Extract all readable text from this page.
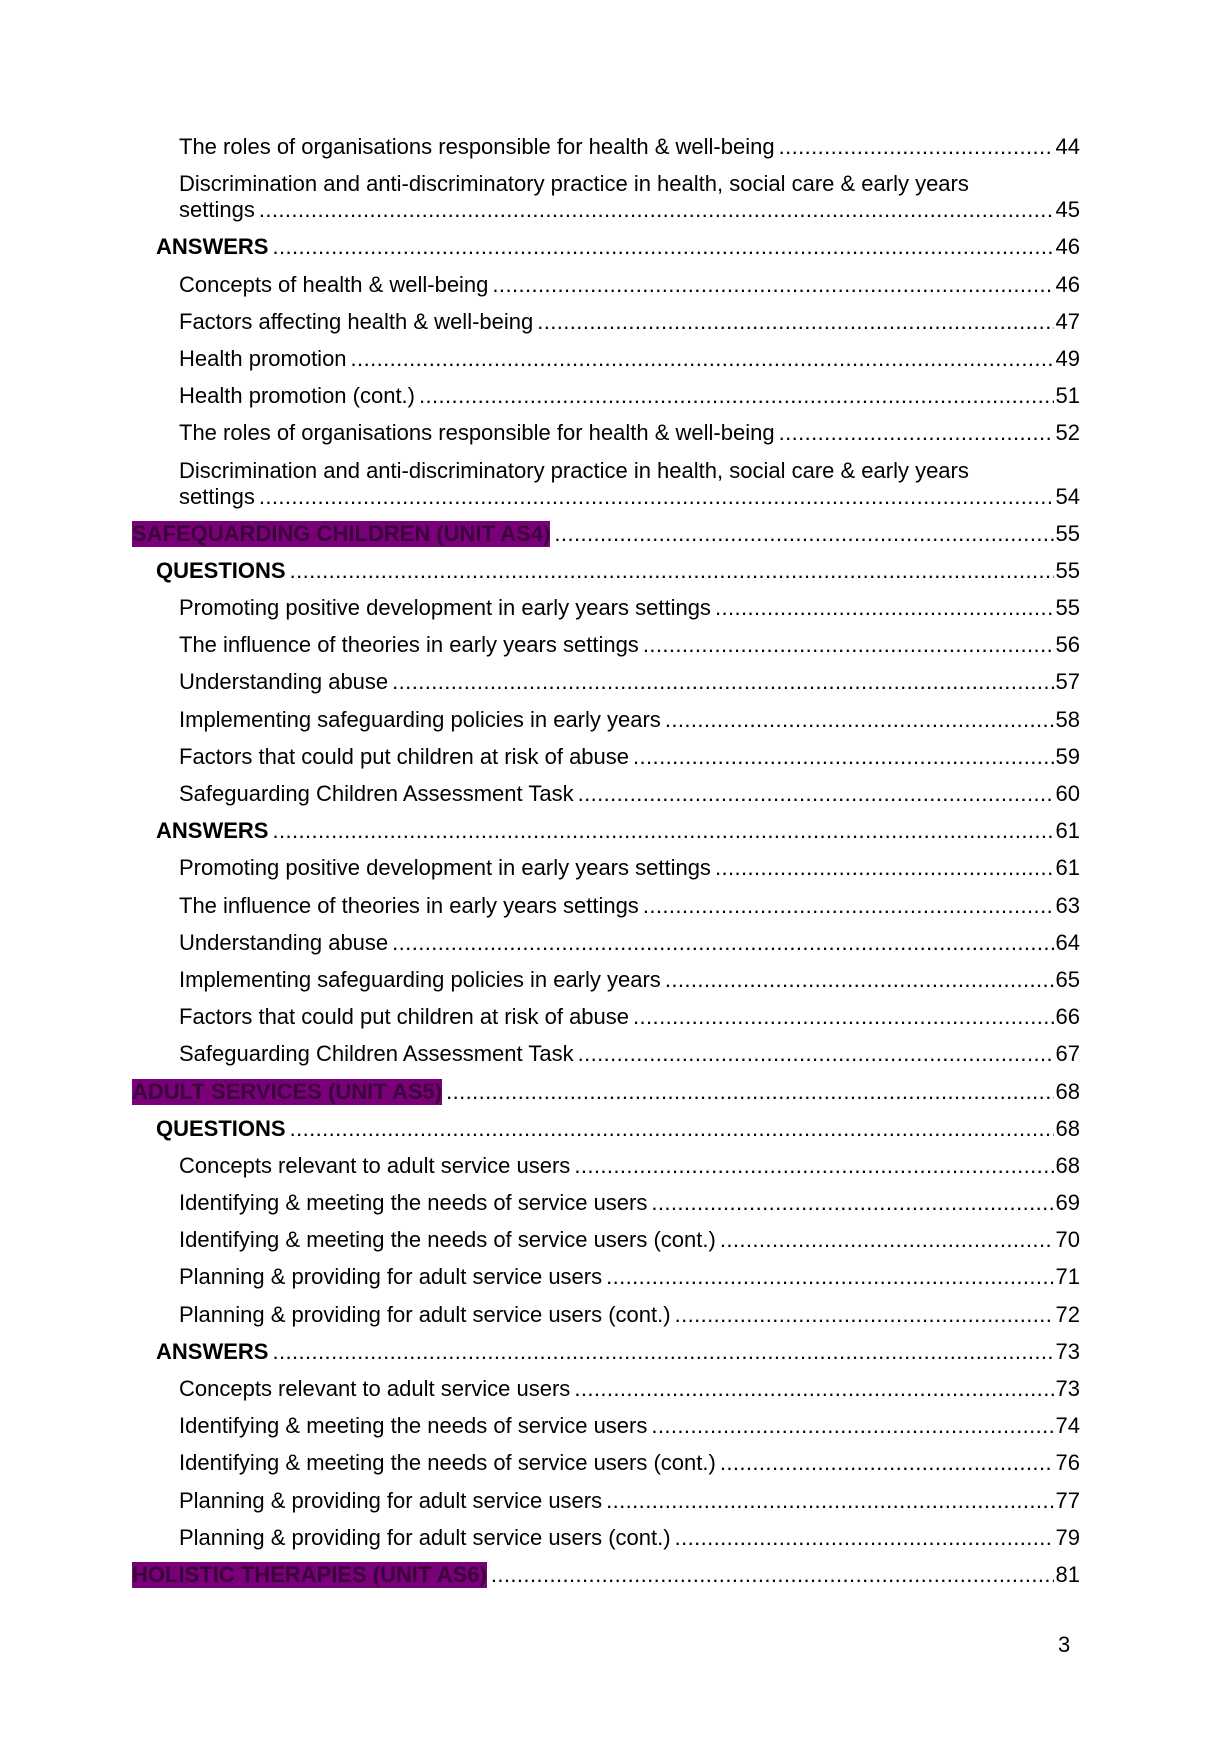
The roles of organisations responsible for health & well-being .....	44
Discrimination and anti-discriminatory practice in health, social care & early years
settings .....	45
ANSWERS .....	46
Concepts of health & well-being .....	46
Factors affecting health & well-being .....	47
Health promotion .....	49
Health promotion (cont.) .....	51
The roles of organisations responsible for health & well-being .....	52
Discrimination and anti-discriminatory practice in health, social care & early years
settings .....	54
SAFEQUARDING CHILDREN (UNIT AS4) .....	55
QUESTIONS .....	55
Promoting positive development in early years settings .....	55
The influence of theories in early years settings .....	56
Understanding abuse .....	57
Implementing safeguarding policies in early years .....	58
Factors that could put children at risk of abuse .....	59
Safeguarding Children Assessment Task .....	60
ANSWERS .....	61
Promoting positive development in early years settings .....	61
The influence of theories in early years settings .....	63
Understanding abuse .....	64
Implementing safeguarding policies in early years .....	65
Factors that could put children at risk of abuse .....	66
Safeguarding Children Assessment Task .....	67
ADULT SERVICES (UNIT AS5) .....	68
QUESTIONS .....	68
Concepts relevant to adult service users .....	68
Identifying & meeting the needs of service users .....	69
Identifying & meeting the needs of service users (cont.) .....	70
Planning & providing for adult service users .....	71
Planning & providing for adult service users (cont.) .....	72
ANSWERS .....	73
Concepts relevant to adult service users .....	73
Identifying & meeting the needs of service users .....	74
Identifying & meeting the needs of service users (cont.) .....	76
Planning & providing for adult service users .....	77
Planning & providing for adult service users (cont.) .....	79
HOLISTIC THERAPIES (UNIT AS6) .....	81
3
